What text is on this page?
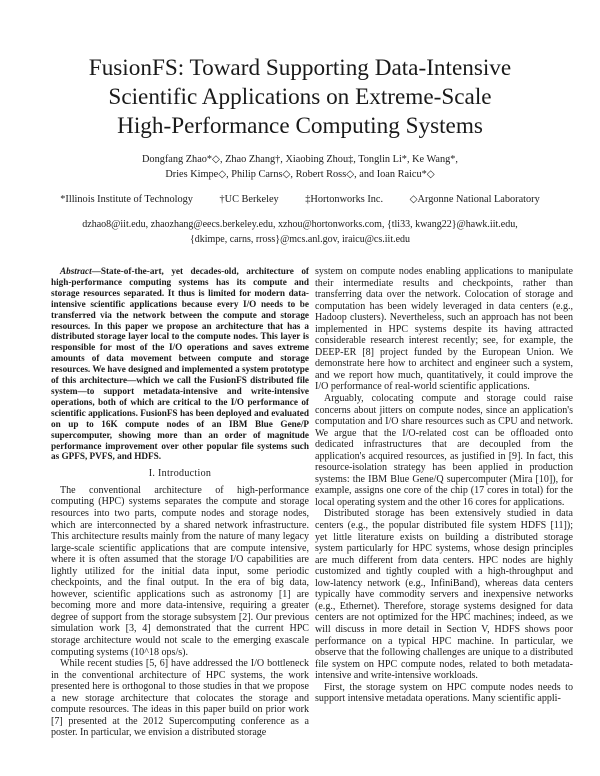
FusionFS: Toward Supporting Data-Intensive
Scientific Applications on Extreme-Scale
High-Performance Computing Systems
Dongfang Zhao*◇, Zhao Zhang†, Xiaobing Zhou‡, Tonglin Li*, Ke Wang*,
Dries Kimpe◇, Philip Carns◇, Robert Ross◇, and Ioan Raicu*◇
*Illinois Institute of Technology	†UC Berkeley	‡Hortonworks Inc.	◇Argonne National Laboratory
dzhao8@iit.edu, zhaozhang@eecs.berkeley.edu, xzhou@hortonworks.com, {tli33, kwang22}@hawk.iit.edu,
{dkimpe, carns, rross}@mcs.anl.gov, iraicu@cs.iit.edu

Abstract—State-of-the-art, yet decades-old, architecture of high-performance computing systems has its compute and storage resources separated. It thus is limited for modern data-intensive scientific applications because every I/O needs to be transferred via the network between the compute and storage resources. In this paper we propose an architecture that has a distributed storage layer local to the compute nodes. This layer is responsible for most of the I/O operations and saves extreme amounts of data movement between compute and storage resources. We have designed and implemented a system prototype of this architecture—which we call the FusionFS distributed file system—to support metadata-intensive and write-intensive operations, both of which are critical to the I/O performance of scientific applications. FusionFS has been deployed and evaluated on up to 16K compute nodes of an IBM Blue Gene/P supercomputer, showing more than an order of magnitude performance improvement over other popular file systems such as GPFS, PVFS, and HDFS.

I. Introduction

The conventional architecture of high-performance computing (HPC) systems separates the compute and storage resources into two parts, compute nodes and storage nodes, which are interconnected by a shared network infrastructure. This architecture results mainly from the nature of many legacy large-scale scientific applications that are compute intensive, where it is often assumed that the storage I/O capabilities are lightly utilized for the initial data input, some periodic checkpoints, and the final output. In the era of big data, however, scientific applications such as astronomy [1] are becoming more and more data-intensive, requiring a greater degree of support from the storage subsystem [2]. Our previous simulation work [3, 4] demonstrated that the current HPC storage architecture would not scale to the emerging exascale computing systems (10^18 ops/s).

While recent studies [5, 6] have addressed the I/O bottleneck in the conventional architecture of HPC systems, the work presented here is orthogonal to those studies in that we propose a new storage architecture that colocates the storage and compute resources. The ideas in this paper build on prior work [7] presented at the 2012 Supercomputing conference as a poster. In particular, we envision a distributed storage

system on compute nodes enabling applications to manipulate their intermediate results and checkpoints, rather than transferring data over the network. Colocation of storage and computation has been widely leveraged in data centers (e.g., Hadoop clusters). Nevertheless, such an approach has not been implemented in HPC systems despite its having attracted considerable research interest recently; see, for example, the DEEP-ER [8] project funded by the European Union. We demonstrate here how to architect and engineer such a system, and we report how much, quantitatively, it could improve the I/O performance of real-world scientific applications.

Arguably, colocating compute and storage could raise concerns about jitters on compute nodes, since an application's computation and I/O share resources such as CPU and network. We argue that the I/O-related cost can be offloaded onto dedicated infrastructures that are decoupled from the application's acquired resources, as justified in [9]. In fact, this resource-isolation strategy has been applied in production systems: the IBM Blue Gene/Q supercomputer (Mira [10]), for example, assigns one core of the chip (17 cores in total) for the local operating system and the other 16 cores for applications.

Distributed storage has been extensively studied in data centers (e.g., the popular distributed file system HDFS [11]); yet little literature exists on building a distributed storage system particularly for HPC systems, whose design principles are much different from data centers. HPC nodes are highly customized and tightly coupled with a high-throughput and low-latency network (e.g., InfiniBand), whereas data centers typically have commodity servers and inexpensive networks (e.g., Ethernet). Therefore, storage systems designed for data centers are not optimized for the HPC machines; indeed, as we will discuss in more detail in Section V, HDFS shows poor performance on a typical HPC machine. In particular, we observe that the following challenges are unique to a distributed file system on HPC compute nodes, related to both metadata-intensive and write-intensive workloads.

First, the storage system on HPC compute nodes needs to support intensive metadata operations. Many scientific appli-
